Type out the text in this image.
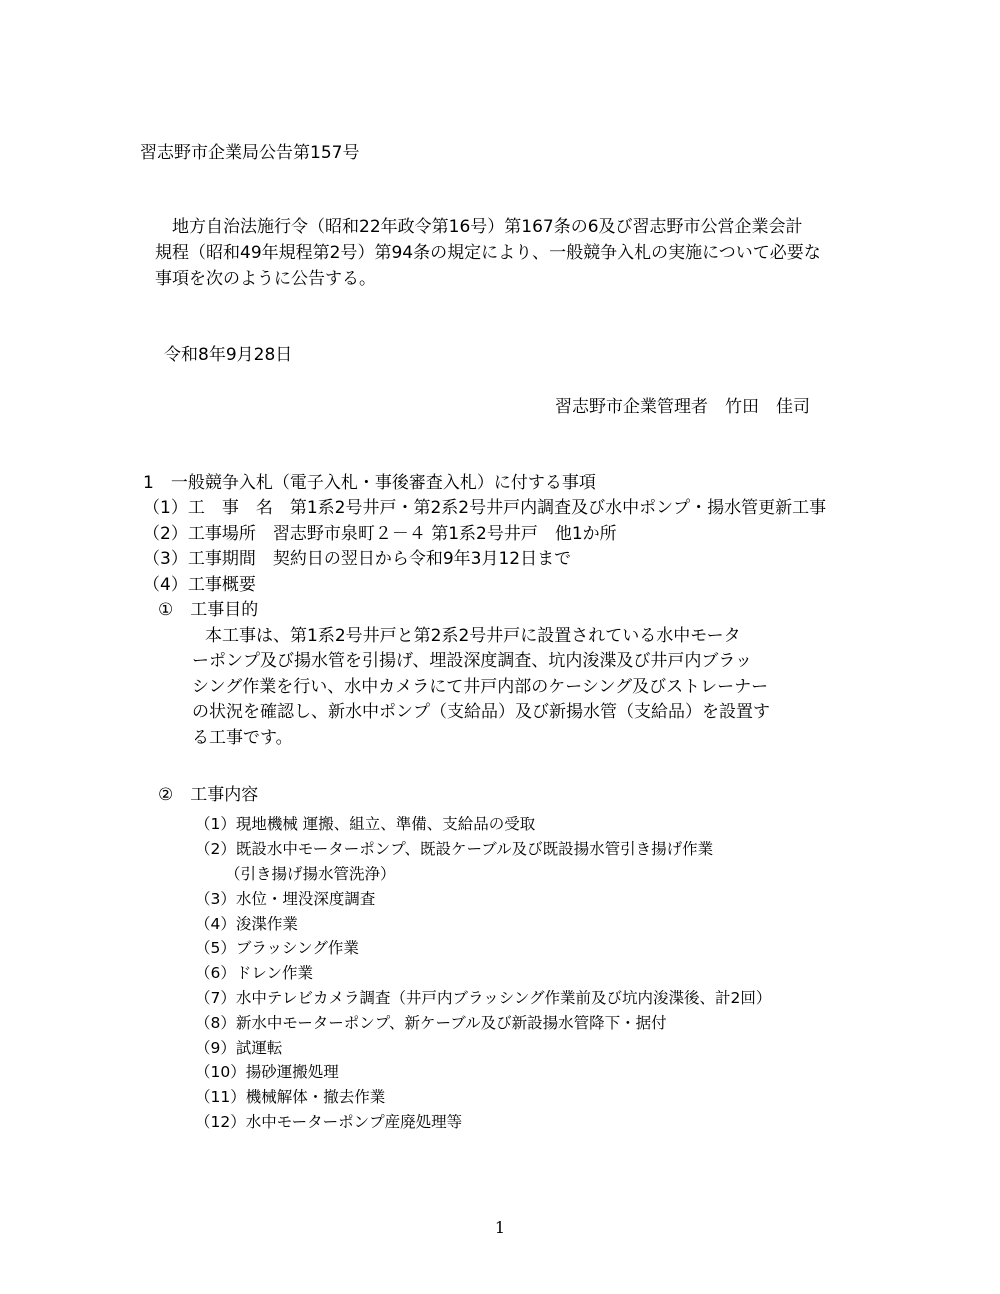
習志野市企業局公告第157号
地方自治法施行令（昭和22年政令第16号）第167条の6及び習志野市公営企業会計
規程（昭和49年規程第2号）第94条の規定により、一般競争入札の実施について必要な
事項を次のように公告する。
令和8年9月28日
習志野市企業管理者　竹田　佳司
1　一般競争入札（電子入札・事後審査入札）に付する事項
（1）工　事　名　第1系2号井戸・第2系2号井戸内調査及び水中ポンプ・揚水管更新工事
（2）工事場所　習志野市泉町２－４ 第1系2号井戸　他1か所
（3）工事期間　契約日の翌日から令和9年3月12日まで
（4）工事概要
①　工事目的
本工事は、第1系2号井戸と第2系2号井戸に設置されている水中モータ
ーポンプ及び揚水管を引揚げ、埋設深度調査、坑内浚渫及び井戸内ブラッ
シング作業を行い、水中カメラにて井戸内部のケーシング及びストレーナー
の状況を確認し、新水中ポンプ（支給品）及び新揚水管（支給品）を設置す
る工事です。
②　工事内容
（1）現地機械 運搬、組立、準備、支給品の受取
（2）既設水中モーターポンプ、既設ケーブル及び既設揚水管引き揚げ作業
（引き揚げ揚水管洗浄）
（3）水位・埋没深度調査
（4）浚渫作業
（5）ブラッシング作業
（6）ドレン作業
（7）水中テレビカメラ調査（井戸内ブラッシング作業前及び坑内浚渫後、計2回）
（8）新水中モーターポンプ、新ケーブル及び新設揚水管降下・据付
（9）試運転
（10）揚砂運搬処理
（11）機械解体・撤去作業
（12）水中モーターポンプ産廃処理等
1
